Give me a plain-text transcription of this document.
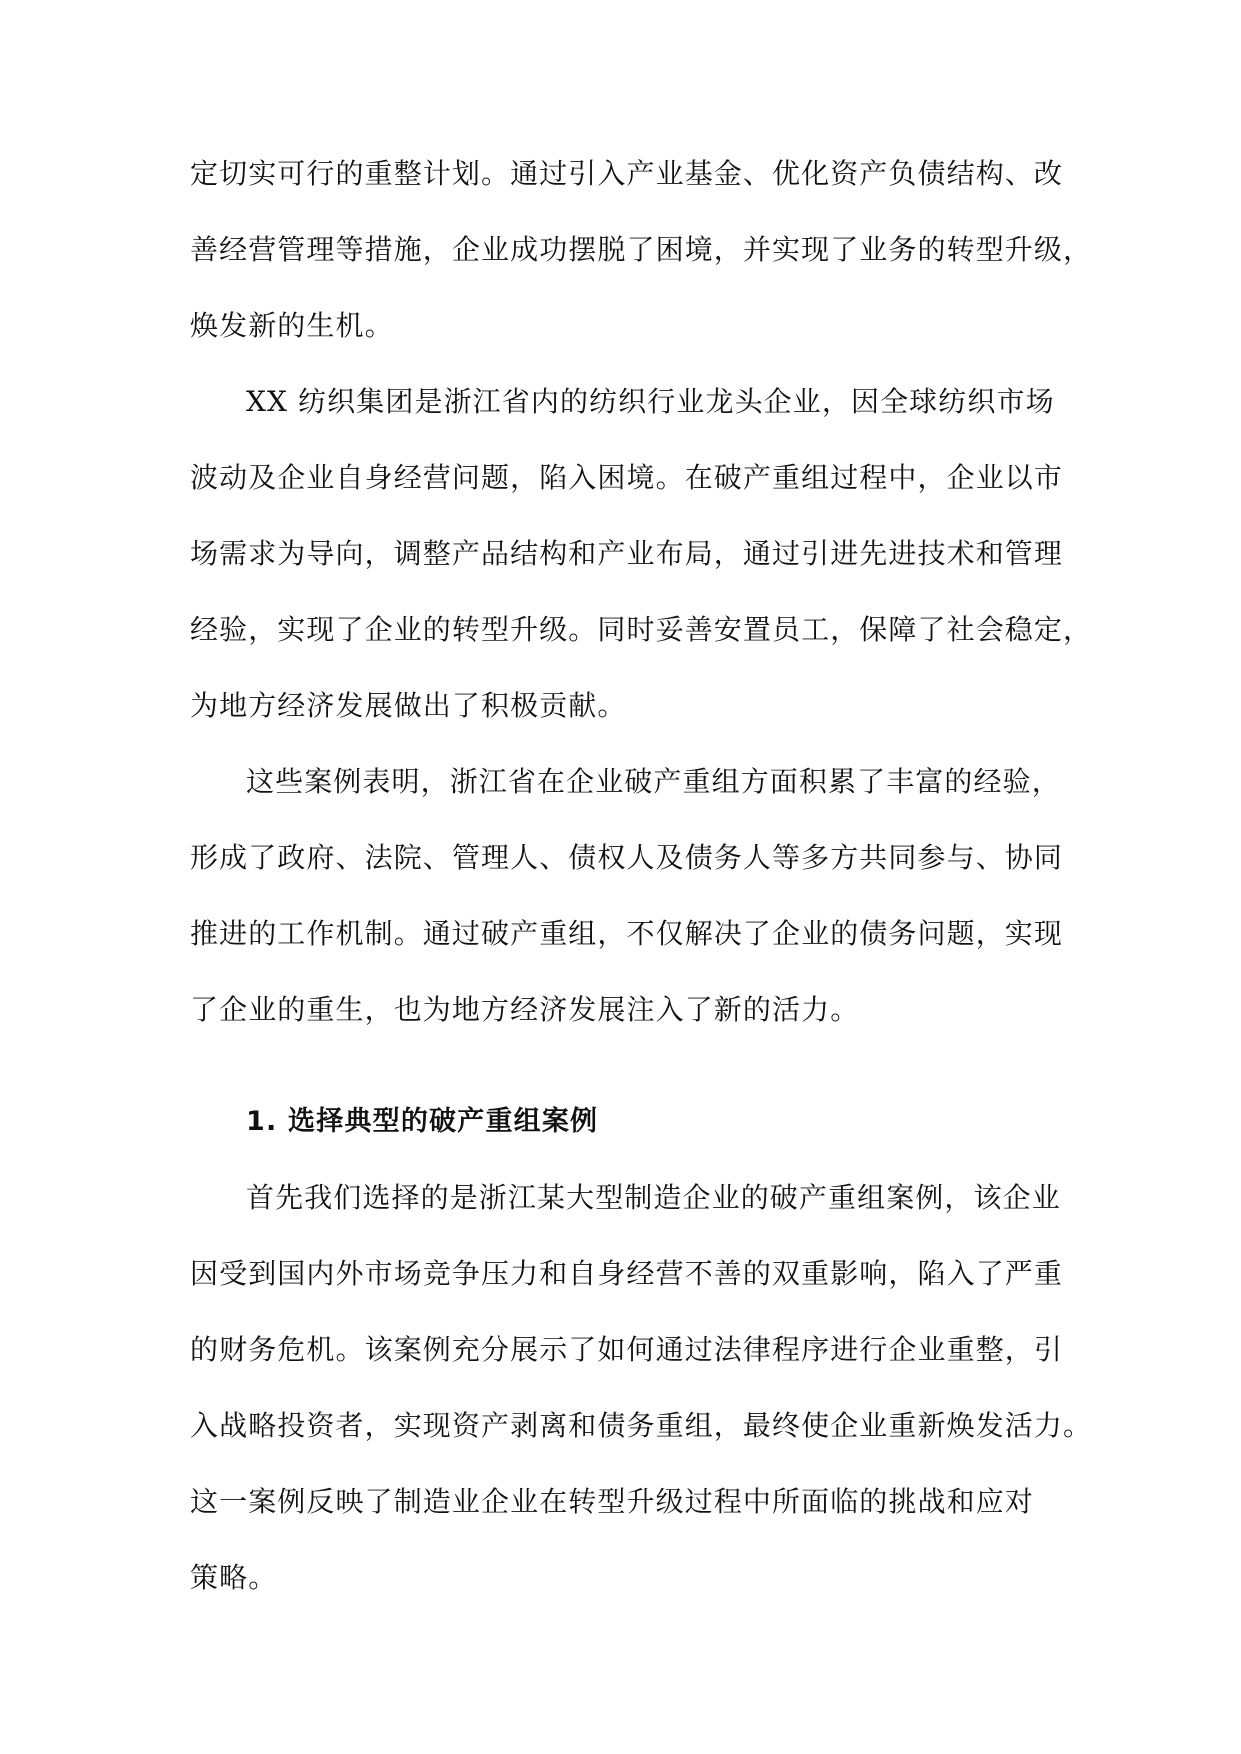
定切实可行的重整计划。通过引入产业基金、优化资产负债结构、改
善经营管理等措施，企业成功摆脱了困境，并实现了业务的转型升级，
焕发新的生机。
XX 纺织集团是浙江省内的纺织行业龙头企业，因全球纺织市场
波动及企业自身经营问题，陷入困境。在破产重组过程中，企业以市
场需求为导向，调整产品结构和产业布局，通过引进先进技术和管理
经验，实现了企业的转型升级。同时妥善安置员工，保障了社会稳定，
为地方经济发展做出了积极贡献。
这些案例表明，浙江省在企业破产重组方面积累了丰富的经验，
形成了政府、法院、管理人、债权人及债务人等多方共同参与、协同
推进的工作机制。通过破产重组，不仅解决了企业的债务问题，实现
了企业的重生，也为地方经济发展注入了新的活力。
1. 选择典型的破产重组案例
首先我们选择的是浙江某大型制造企业的破产重组案例，该企业
因受到国内外市场竞争压力和自身经营不善的双重影响，陷入了严重
的财务危机。该案例充分展示了如何通过法律程序进行企业重整，引
入战略投资者，实现资产剥离和债务重组，最终使企业重新焕发活力。
这一案例反映了制造业企业在转型升级过程中所面临的挑战和应对
策略。
